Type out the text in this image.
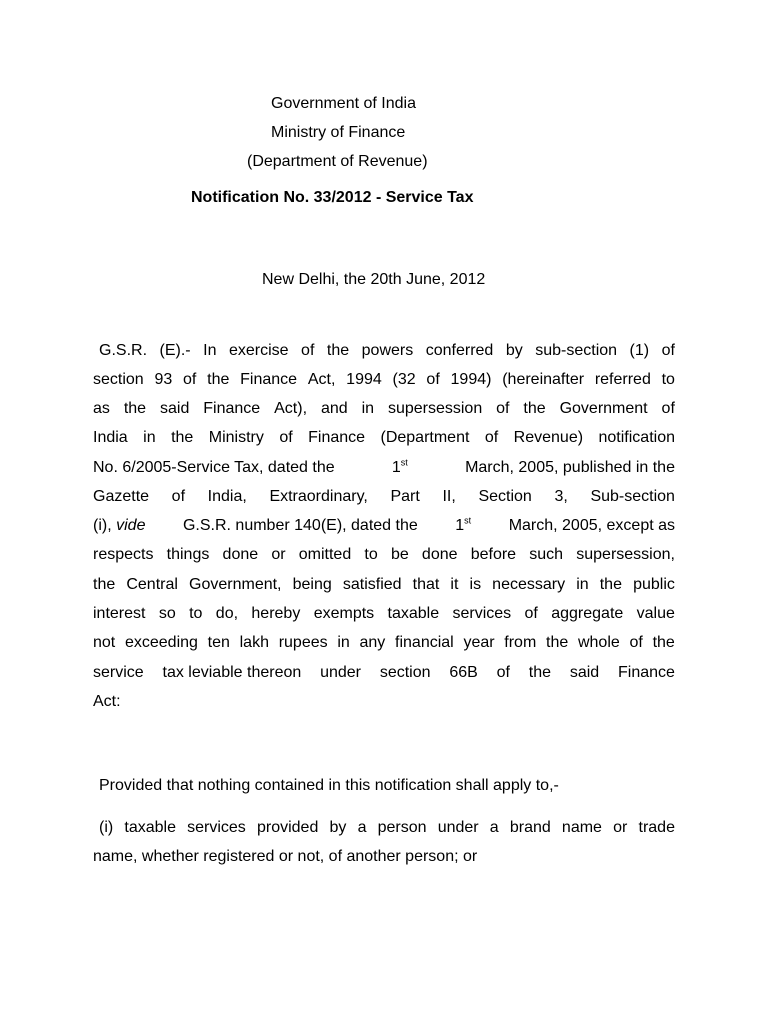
Government of India
Ministry of Finance
(Department of Revenue)
Notification No. 33/2012 - Service Tax
New Delhi, the 20th June, 2012
G.S.R. (E).- In exercise of the powers conferred by sub-section (1) of
section 93 of the Finance Act, 1994 (32 of 1994) (hereinafter referred to
as the said Finance Act), and in supersession of the Government of
India in the Ministry of Finance (Department of Revenue) notification
No. 6/2005-Service Tax, dated the	1st	March, 2005, published in the
Gazette of India, Extraordinary, Part II, Section 3, Sub-section
(i), vide G.S.R. number 140(E), dated the 1st March, 2005, except as
respects things done or omitted to be done before such supersession,
the Central Government, being satisfied that it is necessary in the public
interest so to do, hereby exempts taxable services of aggregate value
not exceeding ten lakh rupees in any financial year from the whole of the
service tax leviable thereon under section 66B of the said Finance
Act:
Provided that nothing contained in this notification shall apply to,-
(i) taxable services provided by a person under a brand name or trade
name, whether registered or not, of another person; or
